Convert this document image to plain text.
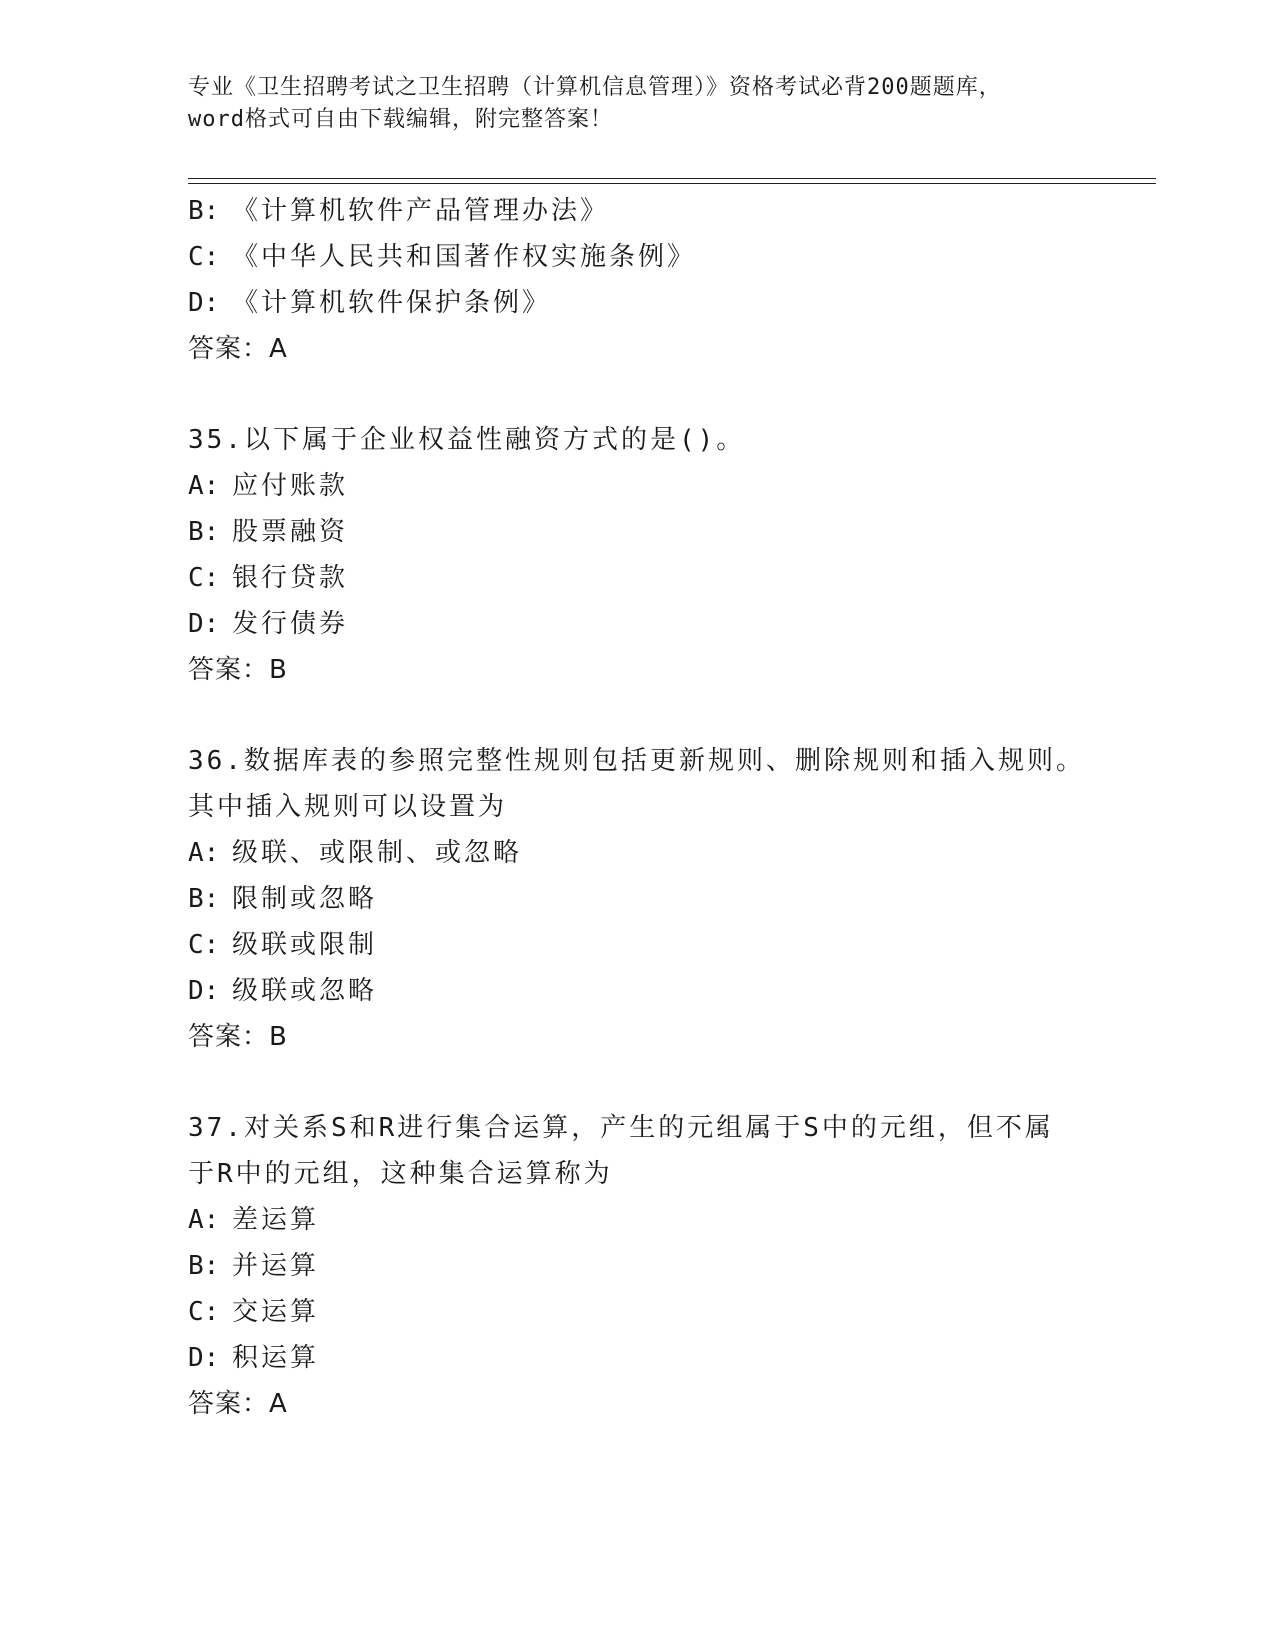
专业《卫生招聘考试之卫生招聘（计算机信息管理）》资格考试必背200题题库，
word格式可自由下载编辑，附完整答案！
B: 《计算机软件产品管理办法》
C: 《中华人民共和国著作权实施条例》
D: 《计算机软件保护条例》
答案：A
35.以下属于企业权益性融资方式的是()。
A: 应付账款
B: 股票融资
C: 银行贷款
D: 发行债券
答案：B
36.数据库表的参照完整性规则包括更新规则、删除规则和插入规则。
其中插入规则可以设置为
A: 级联、或限制、或忽略
B: 限制或忽略
C: 级联或限制
D: 级联或忽略
答案：B
37.对关系S和R进行集合运算，产生的元组属于S中的元组，但不属
于R中的元组，这种集合运算称为
A: 差运算
B: 并运算
C: 交运算
D: 积运算
答案：A
